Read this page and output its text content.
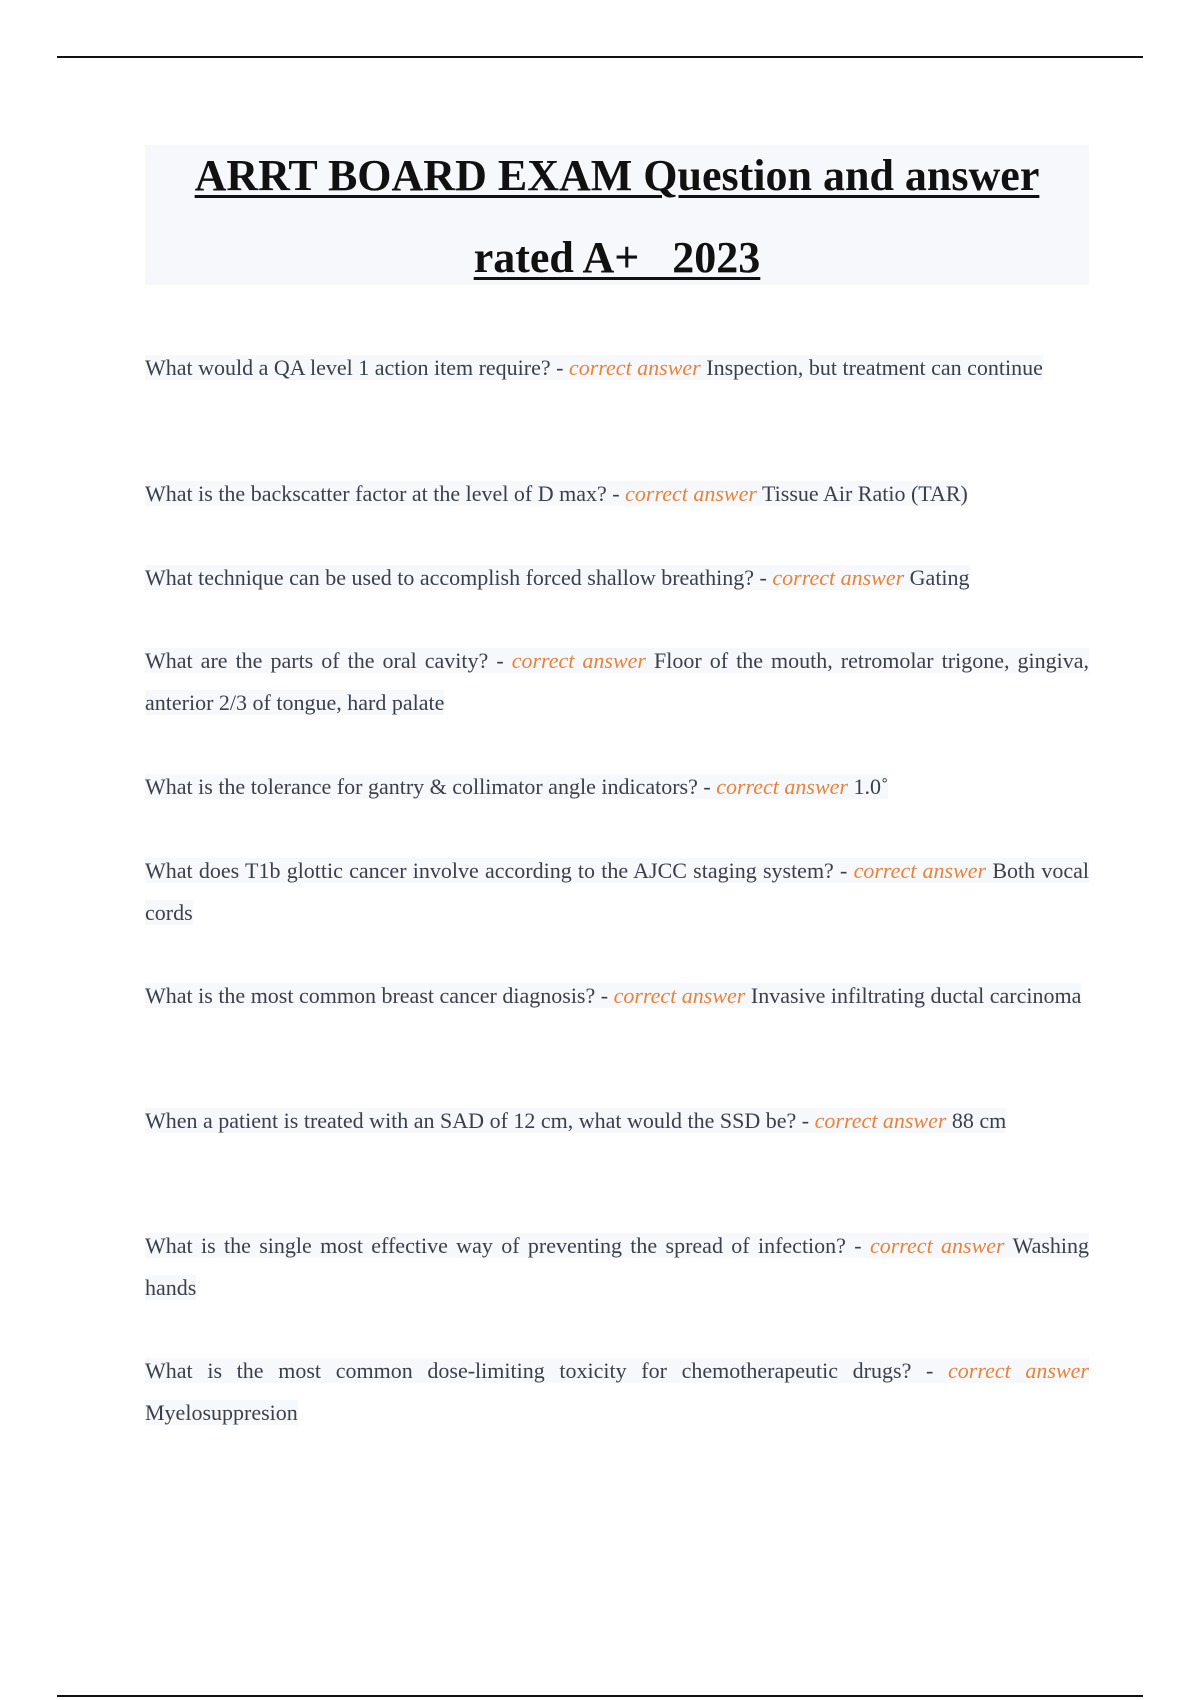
ARRT BOARD EXAM Question and answer
rated A+   2023

What would a QA level 1 action item require? - correct answer Inspection, but treatment can continue

What is the backscatter factor at the level of D max? - correct answer Tissue Air Ratio (TAR)

What technique can be used to accomplish forced shallow breathing? - correct answer Gating

What are the parts of the oral cavity? - correct answer Floor of the mouth, retromolar trigone, gingiva, anterior 2/3 of tongue, hard palate

What is the tolerance for gantry & collimator angle indicators? - correct answer 1.0˚

What does T1b glottic cancer involve according to the AJCC staging system? - correct answer Both vocal cords

What is the most common breast cancer diagnosis? - correct answer Invasive infiltrating ductal carcinoma

When a patient is treated with an SAD of 12 cm, what would the SSD be? - correct answer 88 cm

What is the single most effective way of preventing the spread of infection? - correct answer Washing hands

What is the most common dose-limiting toxicity for chemotherapeutic drugs? - correct answer Myelosuppresion
